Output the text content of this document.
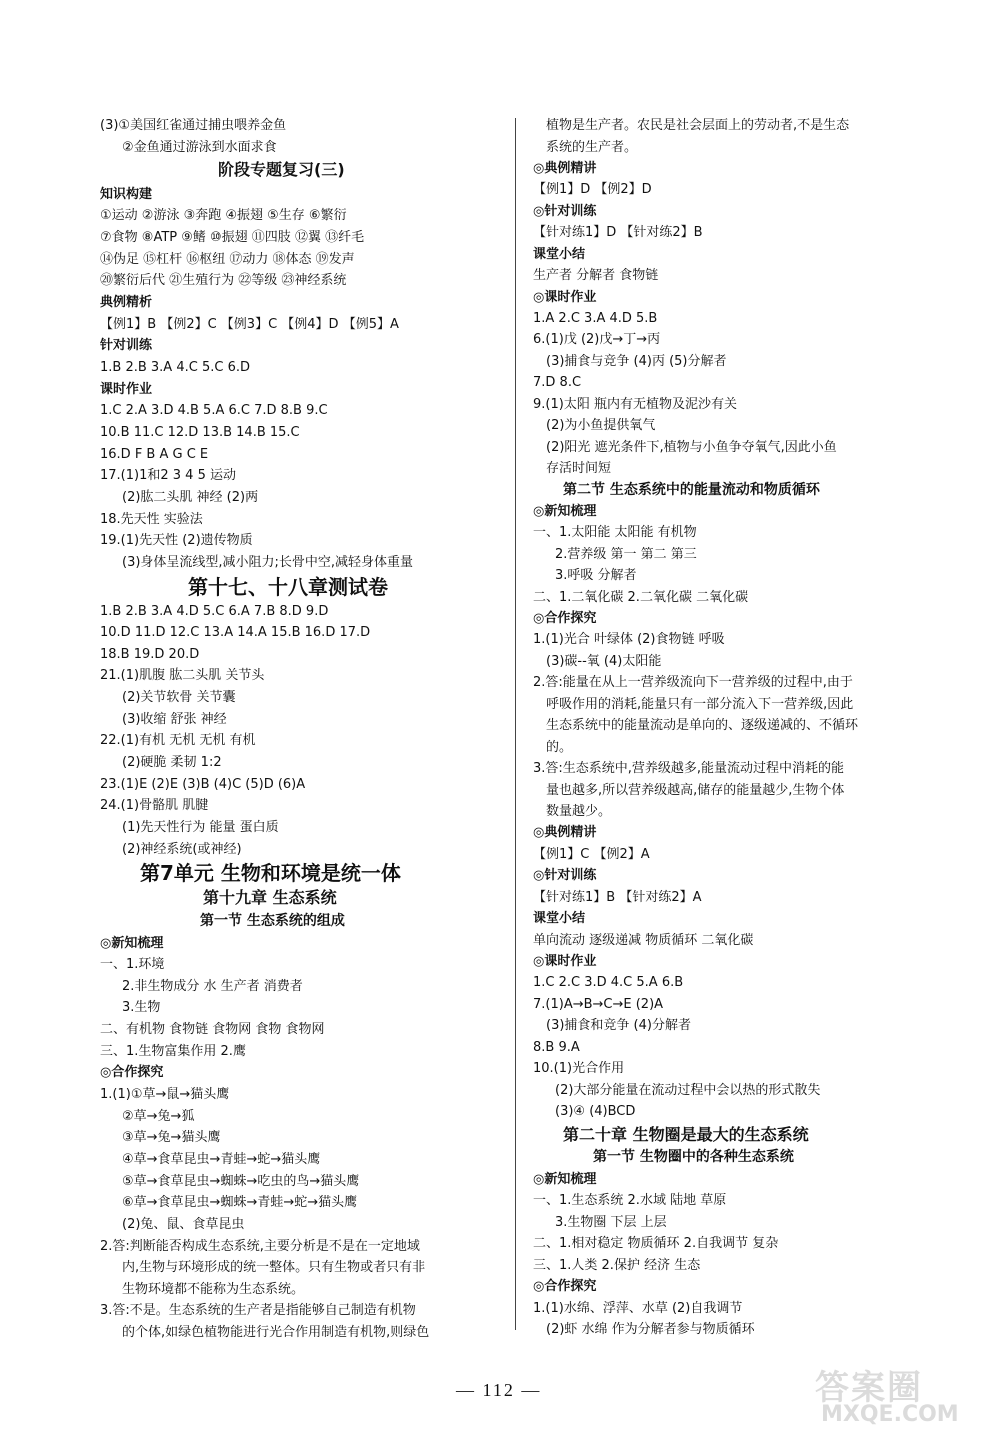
(3)①美国红雀通过捕虫喂养金鱼
②金鱼通过游泳到水面求食
阶段专题复习(三)
知识构建
①运动 ②游泳 ③奔跑 ④振翅 ⑤生存 ⑥繁衍
⑦食物 ⑧ATP ⑨鳍 ⑩振翅 ⑪四肢 ⑫翼 ⑬纤毛
⑭伪足 ⑮杠杆 ⑯枢纽 ⑰动力 ⑱体态 ⑲发声
⑳繁衍后代 ㉑生殖行为 ㉒等级 ㉓神经系统
典例精析
【例1】B 【例2】C 【例3】C 【例4】D 【例5】A
针对训练
1.B 2.B 3.A 4.C 5.C 6.D
课时作业
1.C 2.A 3.D 4.B 5.A 6.C 7.D 8.B 9.C
10.B 11.C 12.D 13.B 14.B 15.C
16.D F B A G C E
17.(1)1和2 3 4 5 运动
(2)肱二头肌 神经 (2)两
18.先天性 实验法
19.(1)先天性 (2)遗传物质
(3)身体呈流线型,减小阻力;长骨中空,减轻身体重量
第十七、十八章测试卷
1.B 2.B 3.A 4.D 5.C 6.A 7.B 8.D 9.D
10.D 11.D 12.C 13.A 14.A 15.B 16.D 17.D
18.B 19.D 20.D
21.(1)肌腹 肱二头肌 关节头
(2)关节软骨 关节囊
(3)收缩 舒张 神经
22.(1)有机 无机 无机 有机
(2)硬脆 柔韧 1:2
23.(1)E (2)E (3)B (4)C (5)D (6)A
24.(1)骨骼肌 肌腱
(1)先天性行为 能量 蛋白质
(2)神经系统(或神经)
第7单元 生物和环境是统一体
第十九章 生态系统
第一节 生态系统的组成
◎新知梳理
一、1.环境
2.非生物成分 水 生产者 消费者
3.生物
二、有机物 食物链 食物网 食物 食物网
三、1.生物富集作用 2.鹰
◎合作探究
1.(1)①草→鼠→猫头鹰
②草→兔→狐
③草→兔→猫头鹰
④草→食草昆虫→青蛙→蛇→猫头鹰
⑤草→食草昆虫→蜘蛛→吃虫的鸟→猫头鹰
⑥草→食草昆虫→蜘蛛→青蛙→蛇→猫头鹰
(2)兔、鼠、食草昆虫
2.答:判断能否构成生态系统,主要分析是不是在一定地域
内,生物与环境形成的统一整体。只有生物或者只有非
生物环境都不能称为生态系统。
3.答:不是。生态系统的生产者是指能够自己制造有机物
的个体,如绿色植物能进行光合作用制造有机物,则绿色
植物是生产者。农民是社会层面上的劳动者,不是生态
系统的生产者。
◎典例精讲
【例1】D 【例2】D
◎针对训练
【针对练1】D 【针对练2】B
课堂小结
生产者 分解者 食物链
◎课时作业
1.A 2.C 3.A 4.D 5.B
6.(1)戊 (2)戊→丁→丙
(3)捕食与竞争 (4)丙 (5)分解者
7.D 8.C
9.(1)太阳 瓶内有无植物及泥沙有关
(2)为小鱼提供氧气
(2)阳光 遮光条件下,植物与小鱼争夺氧气,因此小鱼
存活时间短
第二节 生态系统中的能量流动和物质循环
◎新知梳理
一、1.太阳能 太阳能 有机物
2.营养级 第一 第二 第三
3.呼吸 分解者
二、1.二氧化碳 2.二氧化碳 二氧化碳
◎合作探究
1.(1)光合 叶绿体 (2)食物链 呼吸
(3)碳--氧 (4)太阳能
2.答:能量在从上一营养级流向下一营养级的过程中,由于
呼吸作用的消耗,能量只有一部分流入下一营养级,因此
生态系统中的能量流动是单向的、逐级递减的、不循环
的。
3.答:生态系统中,营养级越多,能量流动过程中消耗的能
量也越多,所以营养级越高,储存的能量越少,生物个体
数量越少。
◎典例精讲
【例1】C 【例2】A
◎针对训练
【针对练1】B 【针对练2】A
课堂小结
单向流动 逐级递减 物质循环 二氧化碳
◎课时作业
1.C 2.C 3.D 4.C 5.A 6.B
7.(1)A→B→C→E (2)A
(3)捕食和竞争 (4)分解者
8.B 9.A
10.(1)光合作用
(2)大部分能量在流动过程中会以热的形式散失
(3)④ (4)BCD
第二十章 生物圈是最大的生态系统
第一节 生物圈中的各种生态系统
◎新知梳理
一、1.生态系统 2.水域 陆地 草原
3.生物圈 下层 上层
二、1.相对稳定 物质循环 2.自我调节 复杂
三、1.人类 2.保护 经济 生态
◎合作探究
1.(1)水绵、浮萍、水草 (2)自我调节
(2)虾 水绵 作为分解者参与物质循环
— 112 —	答案圈
MXQE.COM
